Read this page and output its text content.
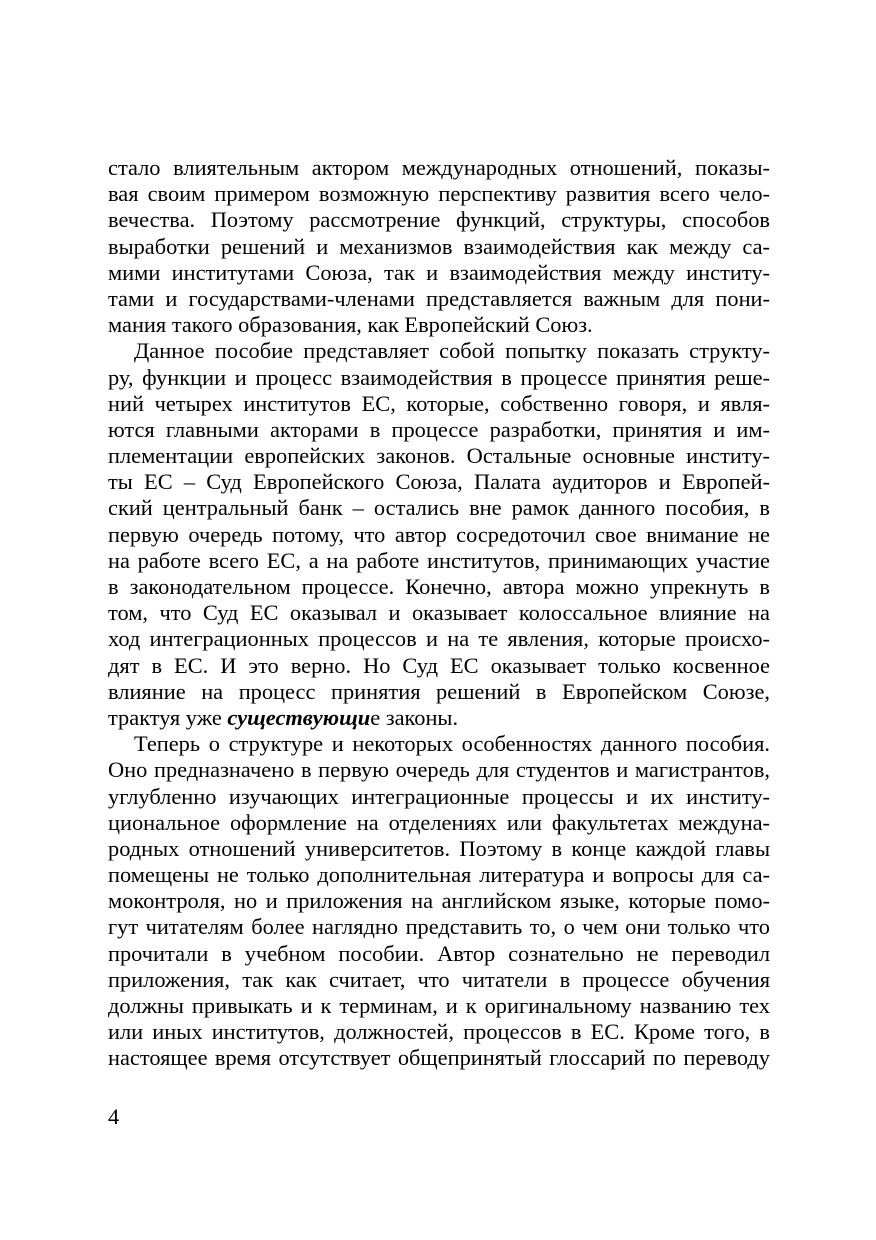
стало влиятельным актором международных отношений, показы-
вая своим примером возможную перспективу развития всего чело-
вечества. Поэтому рассмотрение функций, структуры, способов
выработки решений и механизмов взаимодействия как между са-
мими институтами Союза, так и взаимодействия между институ-
тами и государствами-членами представляется важным для пони-
мания такого образования, как Европейский Союз.
Данное пособие представляет собой попытку показать структу-
ру, функции и процесс взаимодействия в процессе принятия реше-
ний четырех институтов ЕС, которые, собственно говоря, и явля-
ются главными акторами в процессе разработки, принятия и им-
плементации европейских законов. Остальные основные институ-
ты ЕС – Суд Европейского Союза, Палата аудиторов и Европей-
ский центральный банк – остались вне рамок данного пособия, в
первую очередь потому, что автор сосредоточил свое внимание не
на работе всего ЕС, а на работе институтов, принимающих участие
в законодательном процессе. Конечно, автора можно упрекнуть в
том, что Суд ЕС оказывал и оказывает колоссальное влияние на
ход интеграционных процессов и на те явления, которые происхо-
дят в ЕС. И это верно. Но Суд ЕС оказывает только косвенное
влияние на процесс принятия решений в Европейском Союзе,
трактуя уже существующие законы.
Теперь о структуре и некоторых особенностях данного пособия.
Оно предназначено в первую очередь для студентов и магистрантов,
углубленно изучающих интеграционные процессы и их институ-
циональное оформление на отделениях или факультетах междуна-
родных отношений университетов. Поэтому в конце каждой главы
помещены не только дополнительная литература и вопросы для са-
моконтроля, но и приложения на английском языке, которые помо-
гут читателям более наглядно представить то, о чем они только что
прочитали в учебном пособии. Автор сознательно не переводил
приложения, так как считает, что читатели в процессе обучения
должны привыкать и к терминам, и к оригинальному названию тех
или иных институтов, должностей, процессов в ЕС. Кроме того, в
настоящее время отсутствует общепринятый глоссарий по переводу
4
